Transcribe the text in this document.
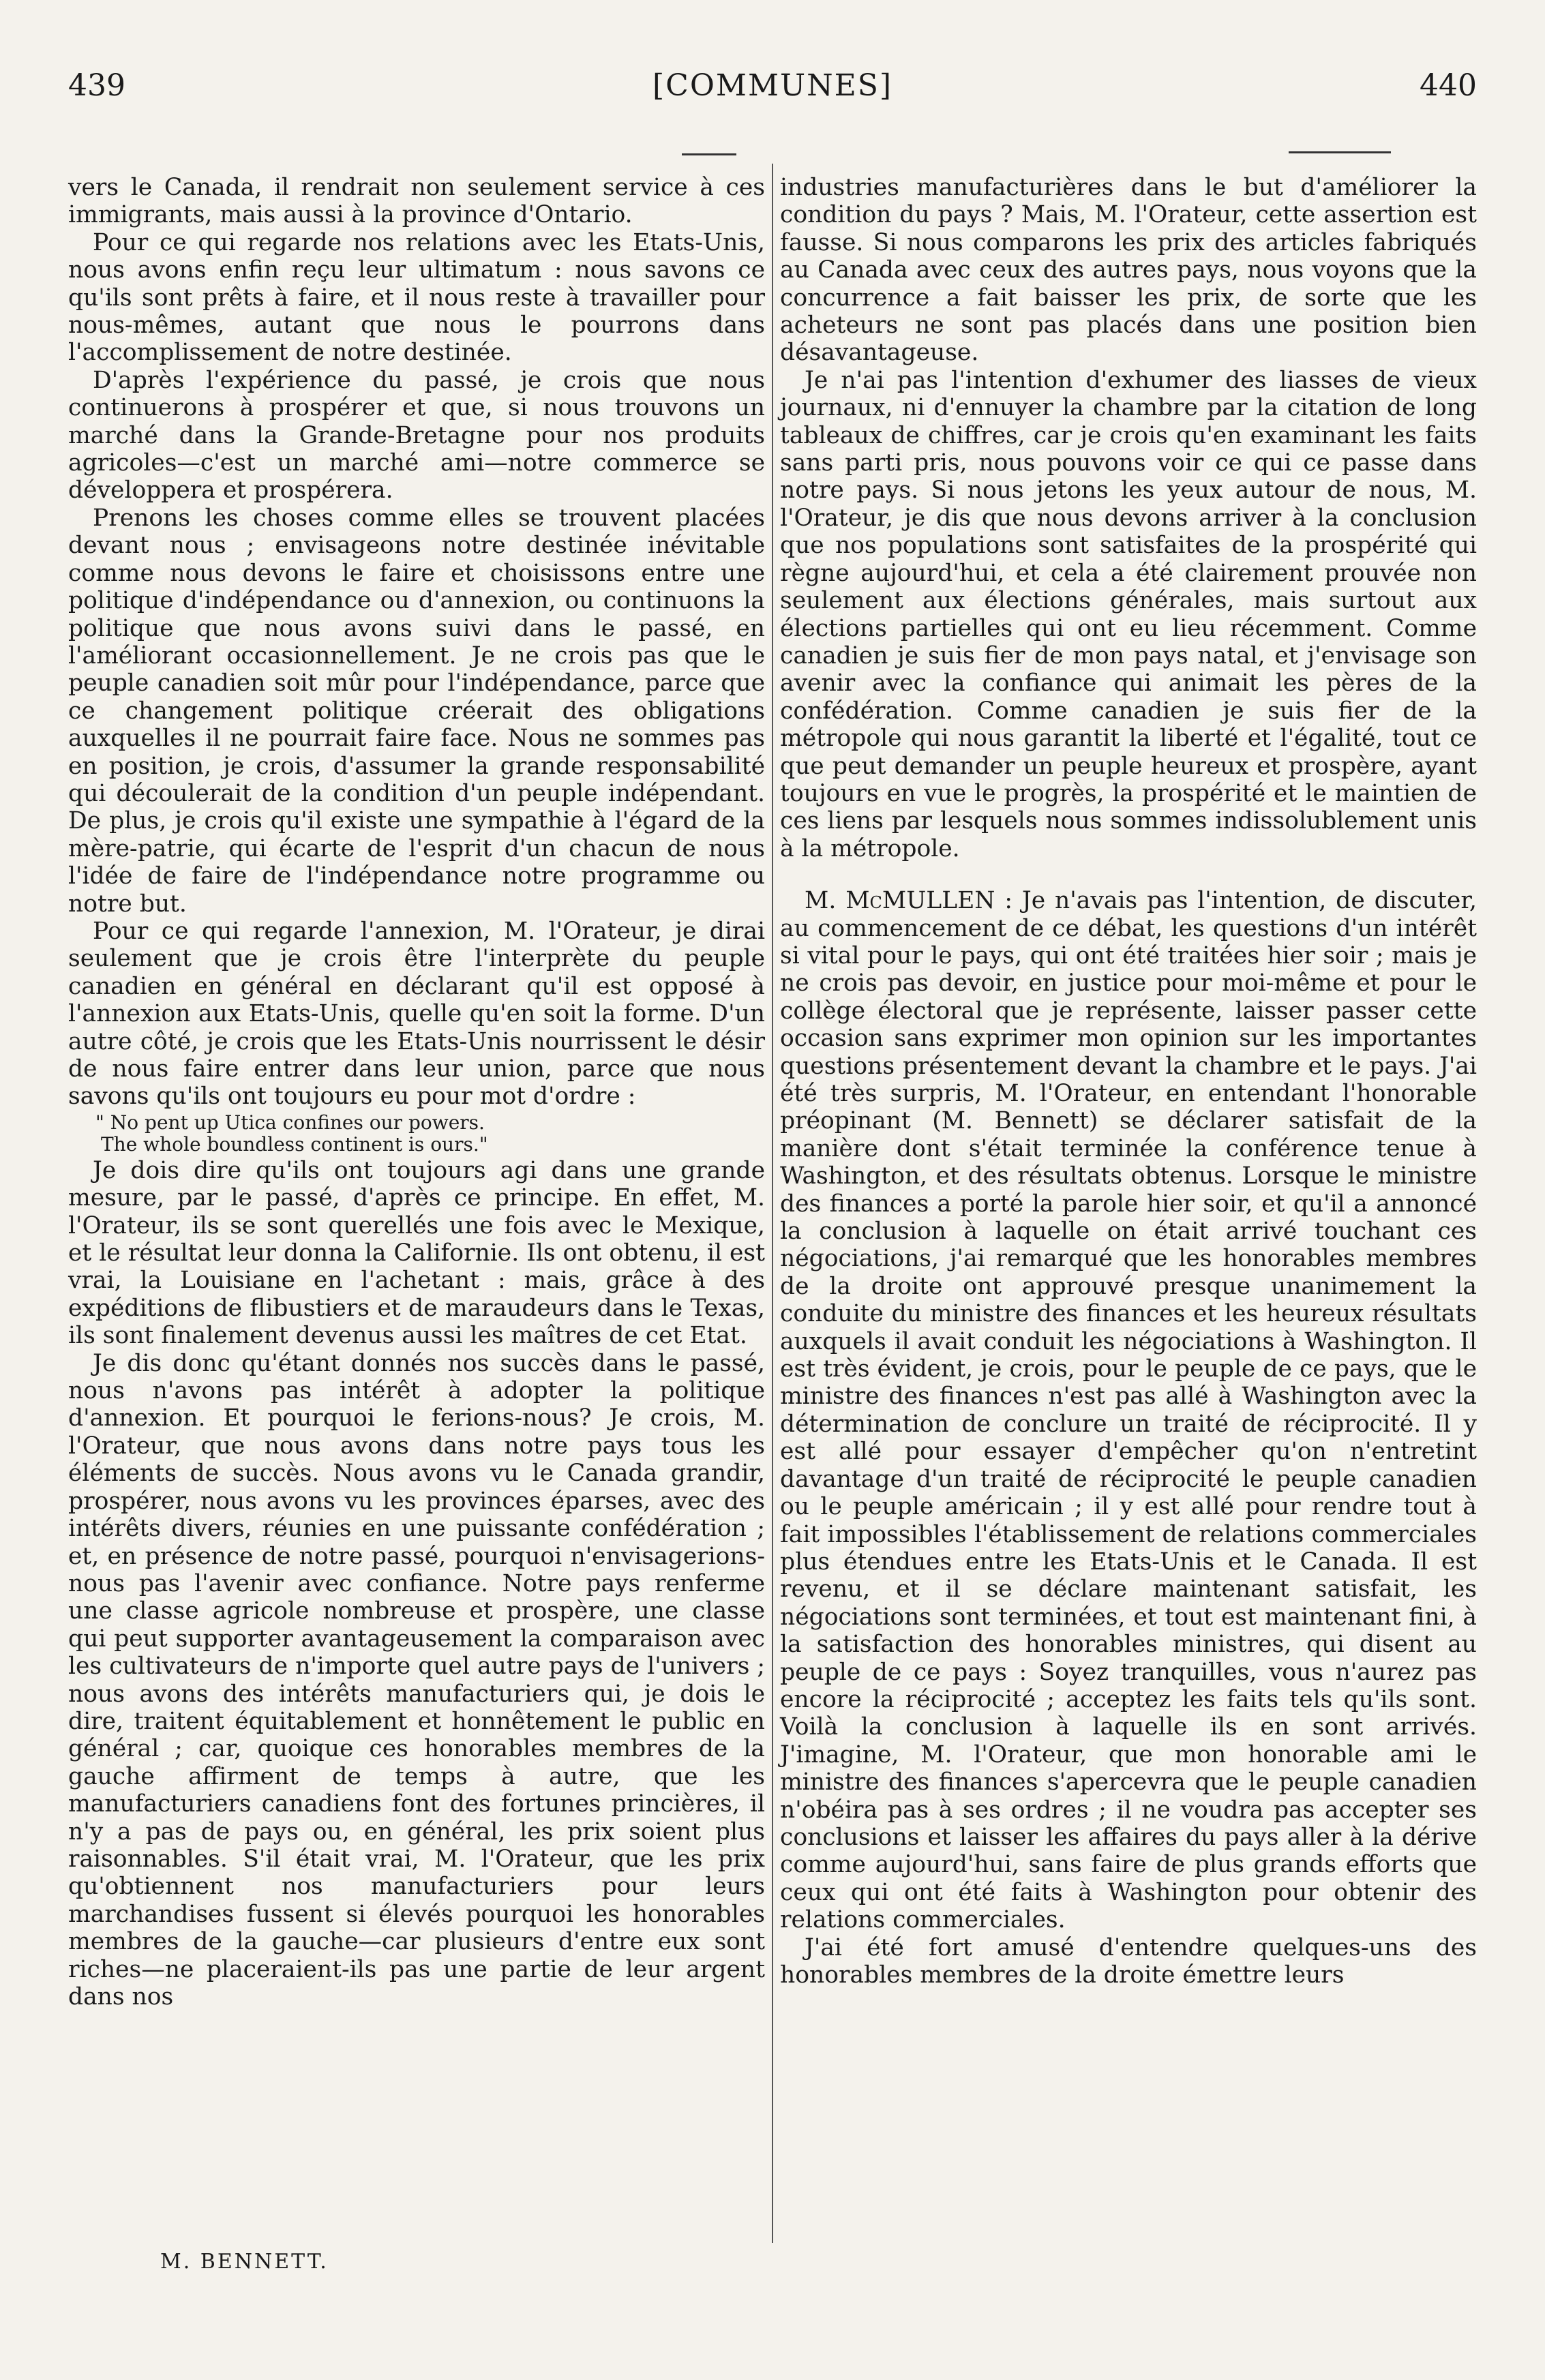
439	[COMMUNES]	440

vers le Canada, il rendrait non seulement service à ces immigrants, mais aussi à la province d'Ontario.

Pour ce qui regarde nos relations avec les Etats-Unis, nous avons enfin reçu leur ultimatum : nous savons ce qu'ils sont prêts à faire, et il nous reste à travailler pour nous-mêmes, autant que nous le pourrons dans l'accomplissement de notre destinée.

D'après l'expérience du passé, je crois que nous continuerons à prospérer et que, si nous trouvons un marché dans la Grande-Bretagne pour nos produits agricoles—c'est un marché ami—notre commerce se développera et prospérera.

Prenons les choses comme elles se trouvent placées devant nous ; envisageons notre destinée inévitable comme nous devons le faire et choisissons entre une politique d'indépendance ou d'annexion, ou continuons la politique que nous avons suivi dans le passé, en l'améliorant occasionnellement. Je ne crois pas que le peuple canadien soit mûr pour l'indépendance, parce que ce changement politique créerait des obligations auxquelles il ne pourrait faire face. Nous ne sommes pas en position, je crois, d'assumer la grande responsabilité qui découlerait de la condition d'un peuple indépendant. De plus, je crois qu'il existe une sympathie à l'égard de la mère-patrie, qui écarte de l'esprit d'un chacun de nous l'idée de faire de l'indépendance notre programme ou notre but.

Pour ce qui regarde l'annexion, M. l'Orateur, je dirai seulement que je crois être l'interprète du peuple canadien en général en déclarant qu'il est opposé à l'annexion aux Etats-Unis, quelle qu'en soit la forme. D'un autre côté, je crois que les Etats-Unis nourrissent le désir de nous faire entrer dans leur union, parce que nous savons qu'ils ont toujours eu pour mot d'ordre :

" No pent up Utica confines our powers.
The whole boundless continent is ours."

Je dois dire qu'ils ont toujours agi dans une grande mesure, par le passé, d'après ce principe. En effet, M. l'Orateur, ils se sont querellés une fois avec le Mexique, et le résultat leur donna la Californie. Ils ont obtenu, il est vrai, la Louisiane en l'achetant : mais, grâce à des expéditions de flibustiers et de maraudeurs dans le Texas, ils sont finalement devenus aussi les maîtres de cet Etat.

Je dis donc qu'étant donnés nos succès dans le passé, nous n'avons pas intérêt à adopter la politique d'annexion. Et pourquoi le ferions-nous? Je crois, M. l'Orateur, que nous avons dans notre pays tous les éléments de succès. Nous avons vu le Canada grandir, prospérer, nous avons vu les provinces éparses, avec des intérêts divers, réunies en une puissante confédération ; et, en présence de notre passé, pourquoi n'envisagerions-nous pas l'avenir avec confiance. Notre pays renferme une classe agricole nombreuse et prospère, une classe qui peut supporter avantageusement la comparaison avec les cultivateurs de n'importe quel autre pays de l'univers ; nous avons des intérêts manufacturiers qui, je dois le dire, traitent équitablement et honnêtement le public en général ; car, quoique ces honorables membres de la gauche affirment de temps à autre, que les manufacturiers canadiens font des fortunes princières, il n'y a pas de pays ou, en général, les prix soient plus raisonnables. S'il était vrai, M. l'Orateur, que les prix qu'obtiennent nos manufacturiers pour leurs marchandises fussent si élevés pourquoi les honorables membres de la gauche—car plusieurs d'entre eux sont riches—ne placeraient-ils pas une partie de leur argent dans nos

industries manufacturières dans le but d'améliorer la condition du pays ? Mais, M. l'Orateur, cette assertion est fausse. Si nous comparons les prix des articles fabriqués au Canada avec ceux des autres pays, nous voyons que la concurrence a fait baisser les prix, de sorte que les acheteurs ne sont pas placés dans une position bien désavantageuse.

Je n'ai pas l'intention d'exhumer des liasses de vieux journaux, ni d'ennuyer la chambre par la citation de long tableaux de chiffres, car je crois qu'en examinant les faits sans parti pris, nous pouvons voir ce qui ce passe dans notre pays. Si nous jetons les yeux autour de nous, M. l'Orateur, je dis que nous devons arriver à la conclusion que nos populations sont satisfaites de la prospérité qui règne aujourd'hui, et cela a été clairement prouvée non seulement aux élections générales, mais surtout aux élections partielles qui ont eu lieu récemment. Comme canadien je suis fier de mon pays natal, et j'envisage son avenir avec la confiance qui animait les pères de la confédération. Comme canadien je suis fier de la métropole qui nous garantit la liberté et l'égalité, tout ce que peut demander un peuple heureux et prospère, ayant toujours en vue le progrès, la prospérité et le maintien de ces liens par lesquels nous sommes indissolublement unis à la métropole.

M. McMULLEN : Je n'avais pas l'intention, de discuter, au commencement de ce débat, les questions d'un intérêt si vital pour le pays, qui ont été traitées hier soir ; mais je ne crois pas devoir, en justice pour moi-même et pour le collège électoral que je représente, laisser passer cette occasion sans exprimer mon opinion sur les importantes questions présentement devant la chambre et le pays. J'ai été très surpris, M. l'Orateur, en entendant l'honorable préopinant (M. Bennett) se déclarer satisfait de la manière dont s'était terminée la conférence tenue à Washington, et des résultats obtenus. Lorsque le ministre des finances a porté la parole hier soir, et qu'il a annoncé la conclusion à laquelle on était arrivé touchant ces négociations, j'ai remarqué que les honorables membres de la droite ont approuvé presque unanimement la conduite du ministre des finances et les heureux résultats auxquels il avait conduit les négociations à Washington. Il est très évident, je crois, pour le peuple de ce pays, que le ministre des finances n'est pas allé à Washington avec la détermination de conclure un traité de réciprocité. Il y est allé pour essayer d'empêcher qu'on n'entretint davantage d'un traité de réciprocité le peuple canadien ou le peuple américain ; il y est allé pour rendre tout à fait impossibles l'établissement de relations commerciales plus étendues entre les Etats-Unis et le Canada. Il est revenu, et il se déclare maintenant satisfait, les négociations sont terminées, et tout est maintenant fini, à la satisfaction des honorables ministres, qui disent au peuple de ce pays : Soyez tranquilles, vous n'aurez pas encore la réciprocité ; acceptez les faits tels qu'ils sont. Voilà la conclusion à laquelle ils en sont arrivés. J'imagine, M. l'Orateur, que mon honorable ami le ministre des finances s'apercevra que le peuple canadien n'obéira pas à ses ordres ; il ne voudra pas accepter ses conclusions et laisser les affaires du pays aller à la dérive comme aujourd'hui, sans faire de plus grands efforts que ceux qui ont été faits à Washington pour obtenir des relations commerciales.

J'ai été fort amusé d'entendre quelques-uns des honorables membres de la droite émettre leurs

M. BENNETT.
